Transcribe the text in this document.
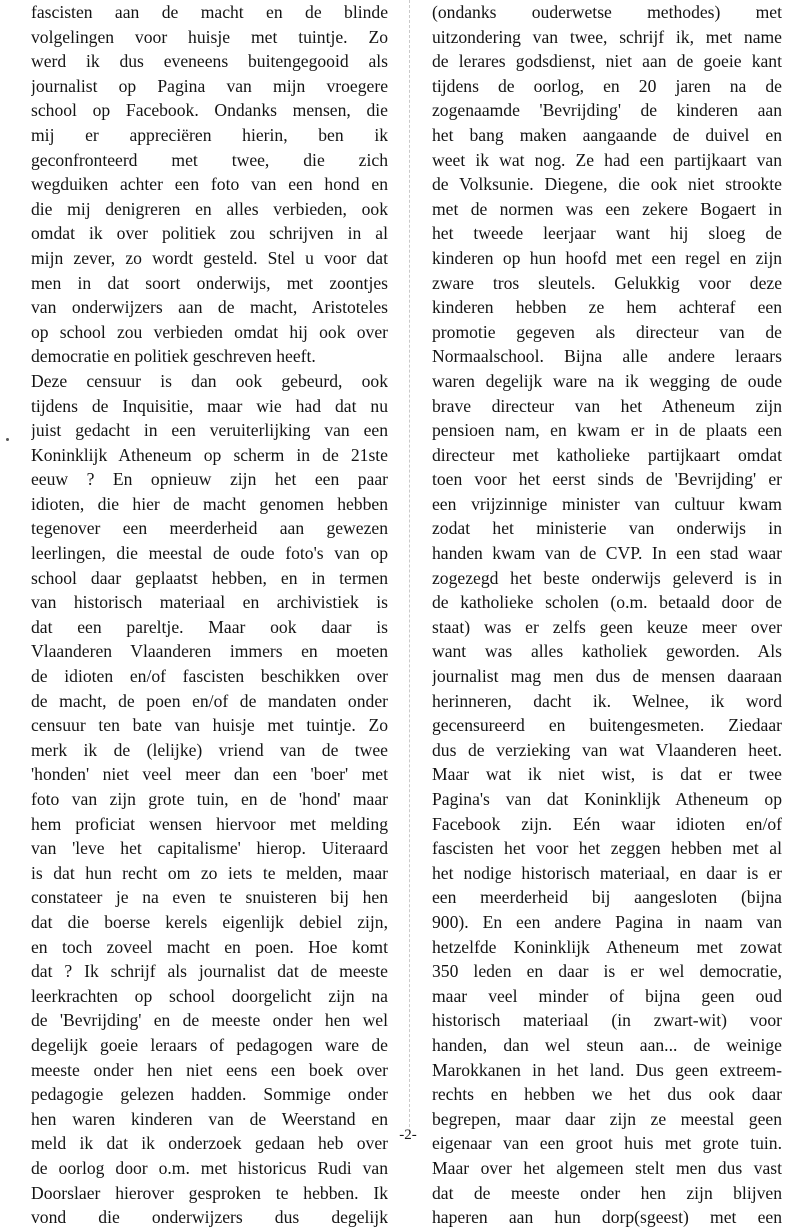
fascisten aan de macht en de blinde
volgelingen voor huisje met tuintje. Zo
werd ik dus eveneens buitengegooid als
journalist op Pagina van mijn vroegere
school op Facebook. Ondanks mensen, die
mij er appreciëren hierin, ben ik
geconfronteerd met twee, die zich
wegduiken achter een foto van een hond en
die mij denigreren en alles verbieden, ook
omdat ik over politiek zou schrijven in al
mijn zever, zo wordt gesteld. Stel u voor dat
men in dat soort onderwijs, met zoontjes
van onderwijzers aan de macht, Aristoteles
op school zou verbieden omdat hij ook over
democratie en politiek geschreven heeft.
Deze censuur is dan ook gebeurd, ook
tijdens de Inquisitie, maar wie had dat nu
juist gedacht in een veruiterlijking van een
Koninklijk Atheneum op scherm in de 21ste
eeuw ? En opnieuw zijn het een paar
idioten, die hier de macht genomen hebben
tegenover een meerderheid aan gewezen
leerlingen, die meestal de oude foto's van op
school daar geplaatst hebben, en in termen
van historisch materiaal en archivistiek is
dat een pareltje. Maar ook daar is
Vlaanderen Vlaanderen immers en moeten
de idioten en/of fascisten beschikken over
de macht, de poen en/of de mandaten onder
censuur ten bate van huisje met tuintje. Zo
merk ik de (lelijke) vriend van de twee
'honden' niet veel meer dan een 'boer' met
foto van zijn grote tuin, en de 'hond' maar
hem proficiat wensen hiervoor met melding
van 'leve het capitalisme' hierop. Uiteraard
is dat hun recht om zo iets te melden, maar
constateer je na even te snuisteren bij hen
dat die boerse kerels eigenlijk debiel zijn,
en toch zoveel macht en poen. Hoe komt
dat ? Ik schrijf als journalist dat de meeste
leerkrachten op school doorgelicht zijn na
de 'Bevrijding' en de meeste onder hen wel
degelijk goeie leraars of pedagogen ware de
meeste onder hen niet eens een boek over
pedagogie gelezen hadden. Sommige onder
hen waren kinderen van de Weerstand en
meld ik dat ik onderzoek gedaan heb over
de oorlog door o.m. met historicus Rudi van
Doorslaer hierover gesproken te hebben. Ik
vond die onderwijzers dus degelijk
(ondanks ouderwetse methodes) met
uitzondering van twee, schrijf ik, met name
de lerares godsdienst, niet aan de goeie kant
tijdens de oorlog, en 20 jaren na de
zogenaamde 'Bevrijding' de kinderen aan
het bang maken aangaande de duivel en
weet ik wat nog. Ze had een partijkaart van
de Volksunie. Diegene, die ook niet strookte
met de normen was een zekere Bogaert in
het tweede leerjaar want hij sloeg de
kinderen op hun hoofd met een regel en zijn
zware tros sleutels. Gelukkig voor deze
kinderen hebben ze hem achteraf een
promotie gegeven als directeur van de
Normaalschool. Bijna alle andere leraars
waren degelijk ware na ik wegging de oude
brave directeur van het Atheneum zijn
pensioen nam, en kwam er in de plaats een
directeur met katholieke partijkaart omdat
toen voor het eerst sinds de 'Bevrijding' er
een vrijzinnige minister van cultuur kwam
zodat het ministerie van onderwijs in
handen kwam van de CVP. In een stad waar
zogezegd het beste onderwijs geleverd is in
de katholieke scholen (o.m. betaald door de
staat) was er zelfs geen keuze meer over
want was alles katholiek geworden. Als
journalist mag men dus de mensen daaraan
herinneren, dacht ik. Welnee, ik word
gecensureerd en buitengesmeten. Ziedaar
dus de verzieking van wat Vlaanderen heet.
Maar wat ik niet wist, is dat er twee
Pagina's van dat Koninklijk Atheneum op
Facebook zijn. Eén waar idioten en/of
fascisten het voor het zeggen hebben met al
het nodige historisch materiaal, en daar is er
een meerderheid bij aangesloten (bijna
900). En een andere Pagina in naam van
hetzelfde Koninklijk Atheneum met zowat
350 leden en daar is er wel democratie,
maar veel minder of bijna geen oud
historisch materiaal (in zwart-wit) voor
handen, dan wel steun aan... de weinige
Marokkanen in het land. Dus geen extreem-
rechts en hebben we het dus ook daar
begrepen, maar daar zijn ze meestal geen
eigenaar van een groot huis met grote tuin.
Maar over het algemeen stelt men dus vast
dat de meeste onder hen zijn blijven
haperen aan hun dorp(sgeest) met een
-2-
